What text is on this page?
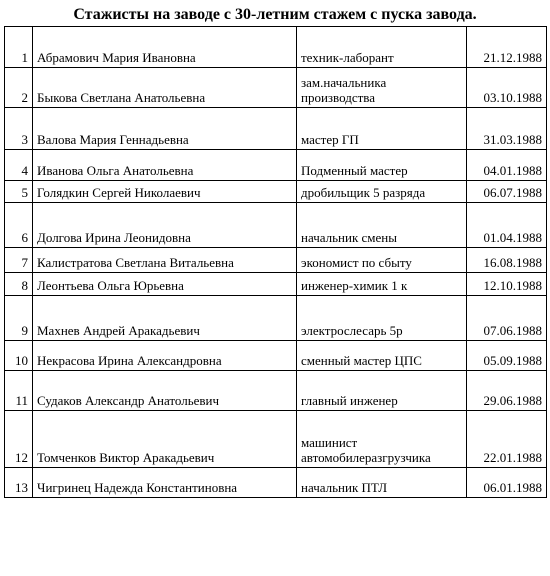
Стажисты на заводе с 30-летним стажем с пуска завода.
1	Абрамович Мария Ивановна	техник-лаборант	21.12.1988
2	Быкова Светлана Анатольевна	зам.начальника производства	03.10.1988
3	Валова Мария Геннадьевна	мастер ГП	31.03.1988
4	Иванова Ольга Анатольевна	Подменный мастер	04.01.1988
5	Голядкин Сергей Николаевич	дробильщик 5 разряда	06.07.1988
6	Долгова Ирина Леонидовна	начальник смены	01.04.1988
7	Калистратова Светлана Витальевна	экономист по сбыту	16.08.1988
8	Леонтьева Ольга Юрьевна	инженер-химик 1 к	12.10.1988
9	Махнев Андрей Аракадьевич	электрослесарь 5р	07.06.1988
10	Некрасова Ирина Александровна	сменный мастер ЦПС	05.09.1988
11	Судаков Александр Анатольевич	главный инженер	29.06.1988
12	Томченков Виктор Аракадьевич	машинист автомобилеразгрузчика	22.01.1988
13	Чигринец Надежда Константиновна	начальник ПТЛ	06.01.1988
